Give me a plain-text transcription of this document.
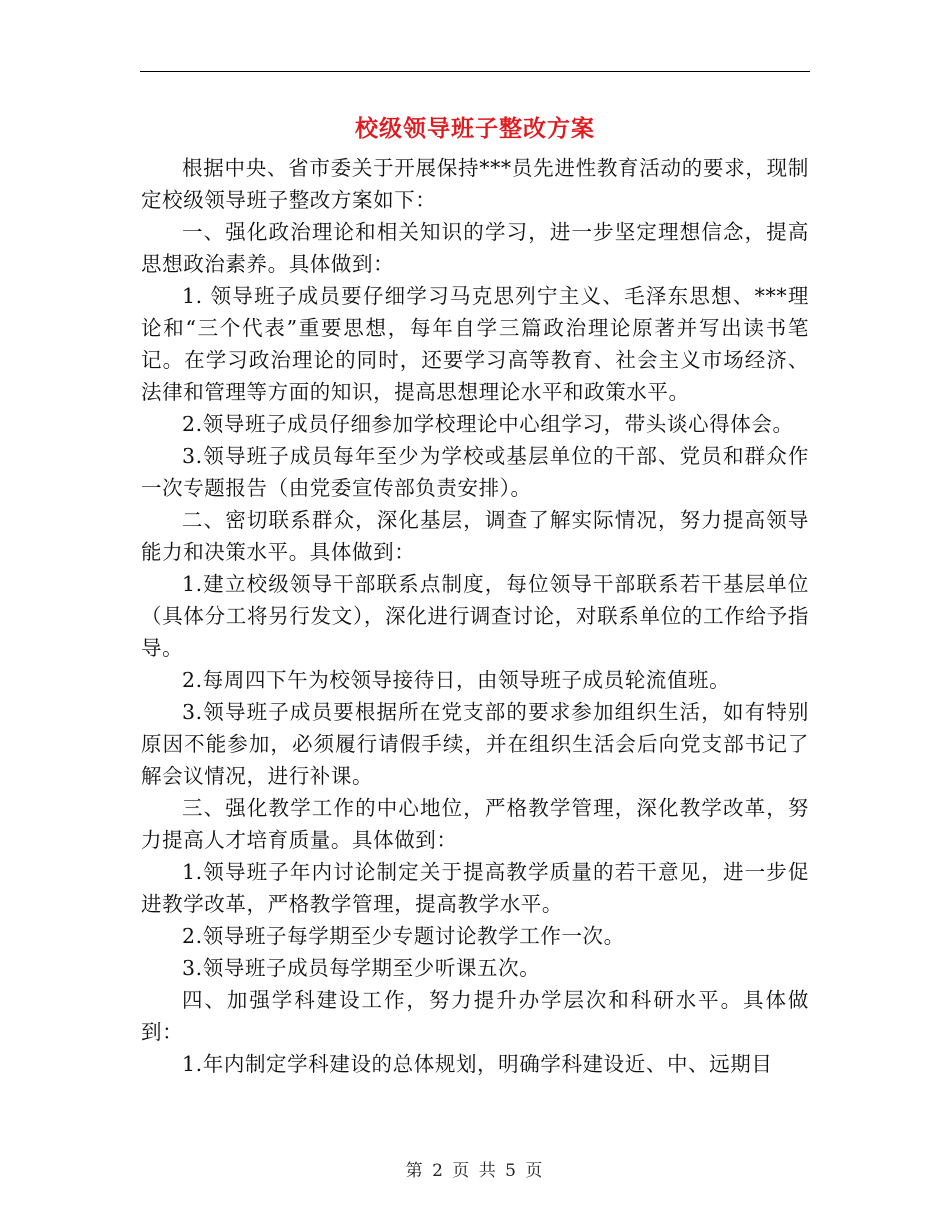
校级领导班子整改方案

根据中央、省市委关于开展保持***员先进性教育活动的要求，现制定校级领导班子整改方案如下：

一、强化政治理论和相关知识的学习，进一步坚定理想信念，提高思想政治素养。具体做到：

1. 领导班子成员要仔细学习马克思列宁主义、毛泽东思想、***理论和“三个代表”重要思想，每年自学三篇政治理论原著并写出读书笔记。在学习政治理论的同时，还要学习高等教育、社会主义市场经济、法律和管理等方面的知识，提高思想理论水平和政策水平。

2.领导班子成员仔细参加学校理论中心组学习，带头谈心得体会。

3.领导班子成员每年至少为学校或基层单位的干部、党员和群众作一次专题报告（由党委宣传部负责安排）。

二、密切联系群众，深化基层，调查了解实际情况，努力提高领导能力和决策水平。具体做到：

1.建立校级领导干部联系点制度，每位领导干部联系若干基层单位（具体分工将另行发文），深化进行调查讨论，对联系单位的工作给予指导。

2.每周四下午为校领导接待日，由领导班子成员轮流值班。

3.领导班子成员要根据所在党支部的要求参加组织生活，如有特别原因不能参加，必须履行请假手续，并在组织生活会后向党支部书记了解会议情况，进行补课。

三、强化教学工作的中心地位，严格教学管理，深化教学改革，努力提高人才培育质量。具体做到：

1.领导班子年内讨论制定关于提高教学质量的若干意见，进一步促进教学改革，严格教学管理，提高教学水平。

2.领导班子每学期至少专题讨论教学工作一次。

3.领导班子成员每学期至少听课五次。

四、加强学科建设工作，努力提升办学层次和科研水平。具体做到：

1.年内制定学科建设的总体规划，明确学科建设近、中、远期目

第 2 页 共 5 页
